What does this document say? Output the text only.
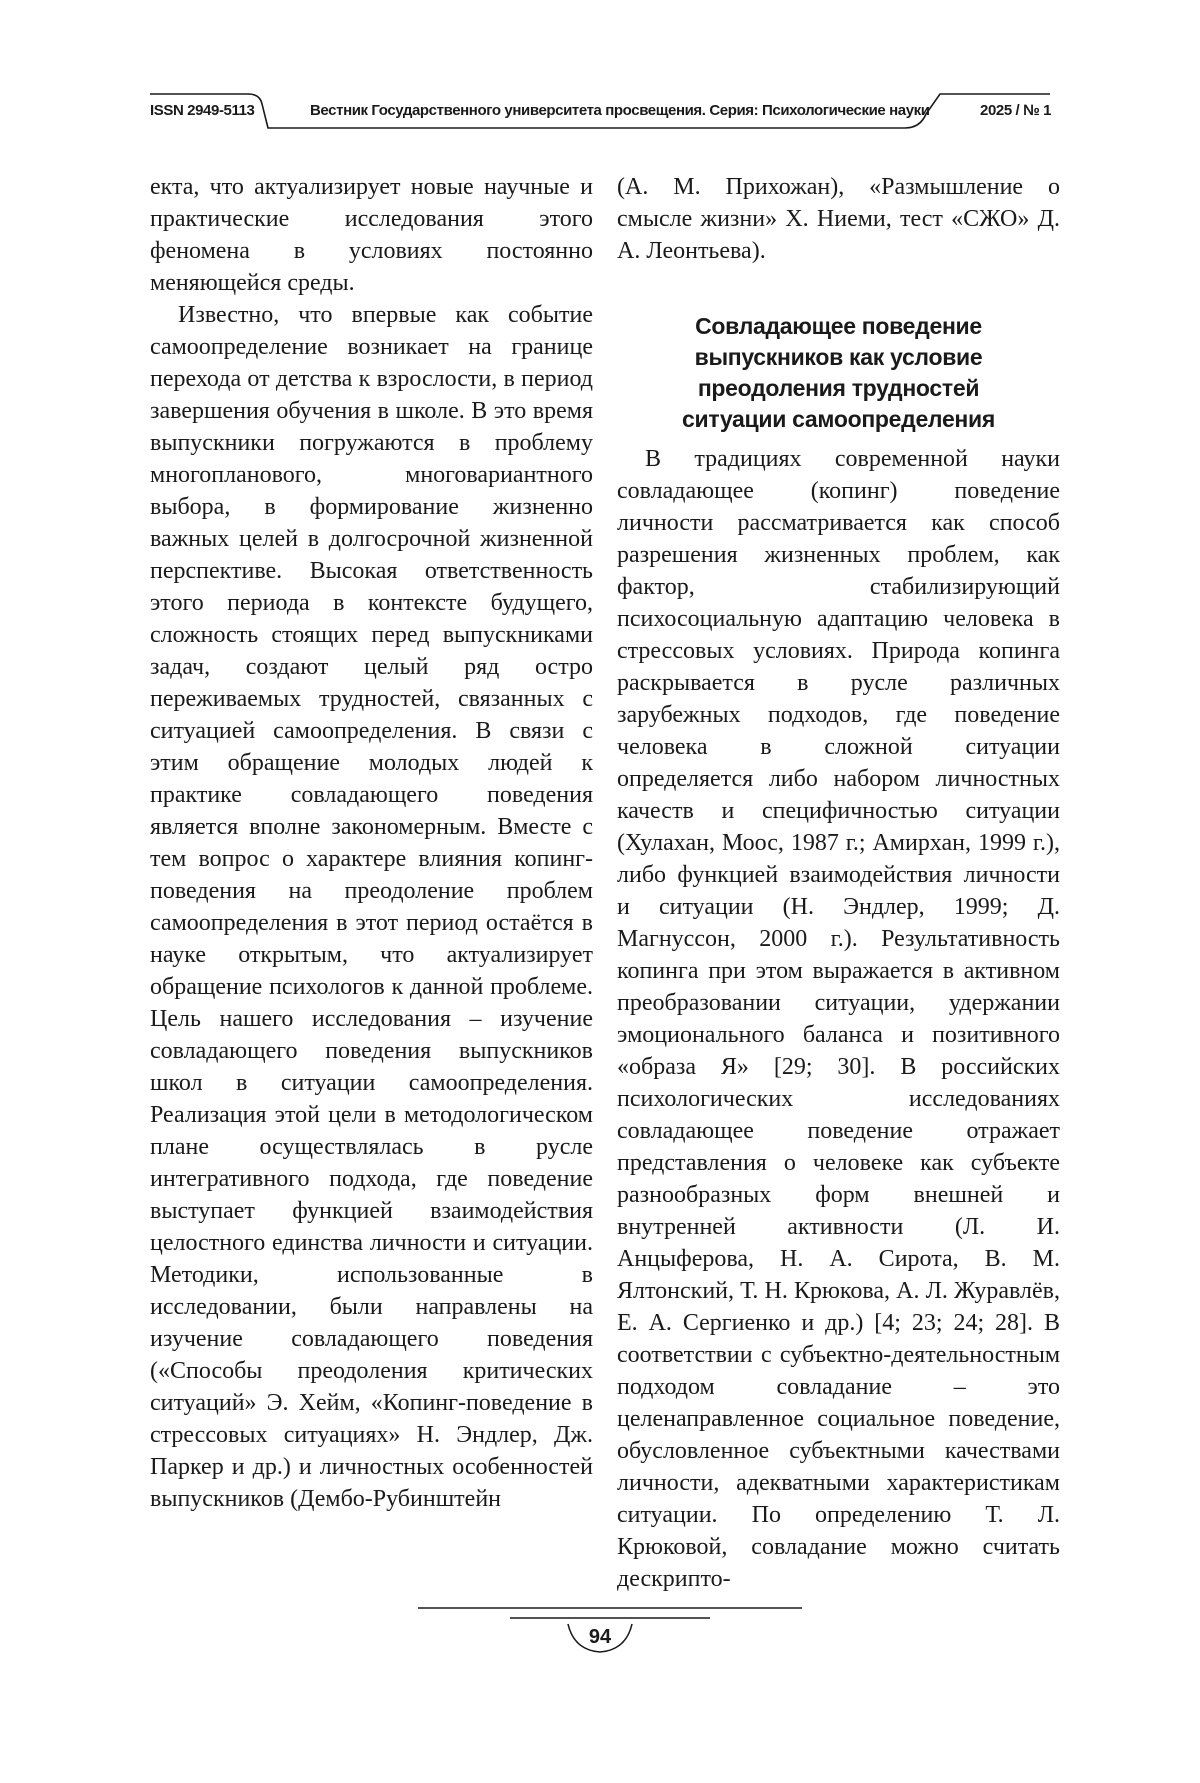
ISSN 2949-5113	Вестник Государственного университета просвещения. Серия: Психологические науки	2025 / № 1

екта, что актуализирует новые научные и практические исследования этого феномена в условиях постоянно меняющейся среды.

Известно, что впервые как событие самоопределение возникает на границе перехода от детства к взрослости, в период завершения обучения в школе. В это время выпускники погружаются в проблему многопланового, многовариантного выбора, в формирование жизненно важных целей в долгосрочной жизненной перспективе. Высокая ответственность этого периода в контексте будущего, сложность стоящих перед выпускниками задач, создают целый ряд остро переживаемых трудностей, связанных с ситуацией самоопределения. В связи с этим обращение молодых людей к практике совладающего поведения является вполне закономерным. Вместе с тем вопрос о характере влияния копинг-поведения на преодоление проблем самоопределения в этот период остаётся в науке открытым, что актуализирует обращение психологов к данной проблеме. Цель нашего исследования – изучение совладающего поведения выпускников школ в ситуации самоопределения. Реализация этой цели в методологическом плане осуществлялась в русле интегративного подхода, где поведение выступает функцией взаимодействия целостного единства личности и ситуации. Методики, использованные в исследовании, были направлены на изучение совладающего поведения («Способы преодоления критических ситуаций» Э. Хейм, «Копинг-поведение в стрессовых ситуациях» Н. Эндлер, Дж. Паркер и др.) и личностных особенностей выпускников (Дембо-Рубинштейн

(А. М. Прихожан), «Размышление о смысле жизни» Х. Ниеми, тест «СЖО» Д. А. Леонтьева).

Совладающее поведение
выпускников как условие
преодоления трудностей
ситуации самоопределения

В традициях современной науки совладающее (копинг) поведение личности рассматривается как способ разрешения жизненных проблем, как фактор, стабилизирующий психосоциальную адаптацию человека в стрессовых условиях. Природа копинга раскрывается в русле различных зарубежных подходов, где поведение человека в сложной ситуации определяется либо набором личностных качеств и специфичностью ситуации (Хулахан, Моос, 1987 г.; Амирхан, 1999 г.), либо функцией взаимодействия личности и ситуации (Н. Эндлер, 1999; Д. Магнуссон, 2000 г.). Результативность копинга при этом выражается в активном преобразовании ситуации, удержании эмоционального баланса и позитивного «образа Я» [29; 30]. В российских психологических исследованиях совладающее поведение отражает представления о человеке как субъекте разнообразных форм внешней и внутренней активности (Л. И. Анцыферова, Н. А. Сирота, В. М. Ялтонский, Т. Н. Крюкова, А. Л. Журавлёв, Е. А. Сергиенко и др.) [4; 23; 24; 28]. В соответствии с субъектно-деятельностным подходом совладание – это целенаправленное социальное поведение, обусловленное субъектными качествами личности, адекватными характеристикам ситуации. По определению Т. Л. Крюковой, совладание можно считать дескрипто-

94
